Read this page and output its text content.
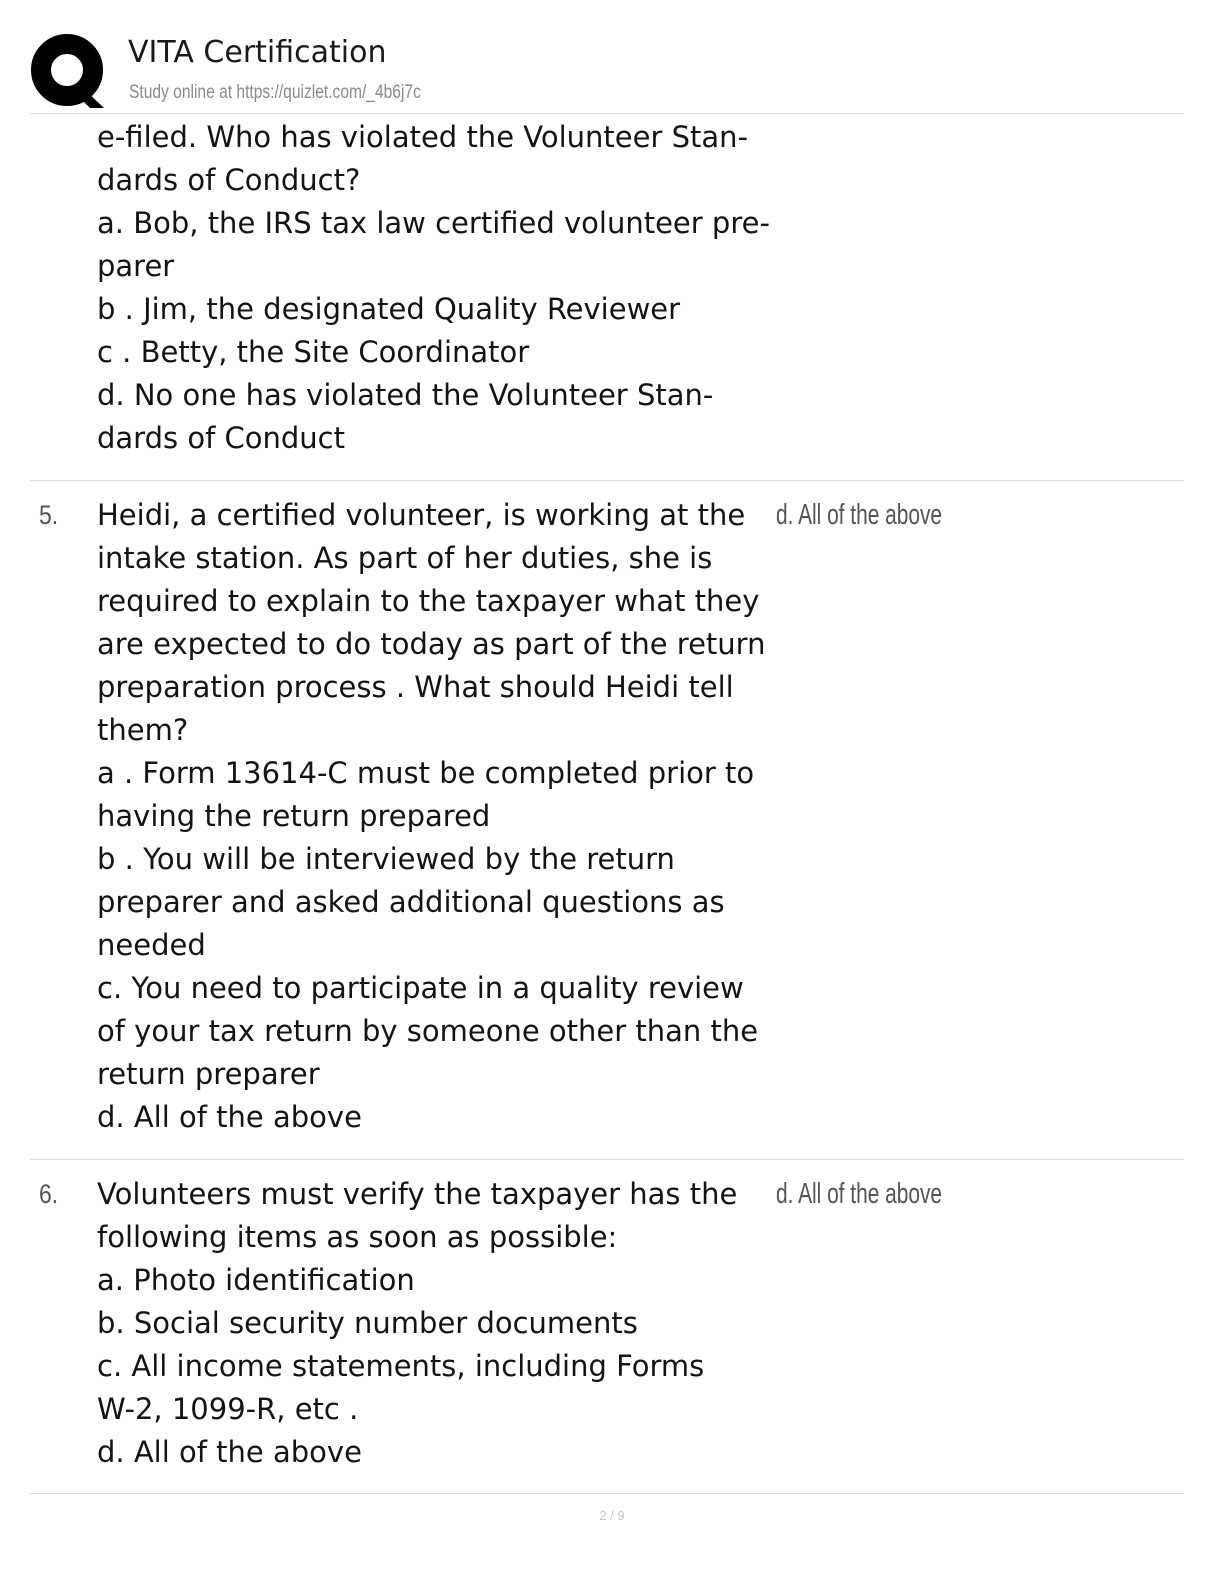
VITA Certification
Study online at https://quizlet.com/_4b6j7c
e-filed. Who has violated the Volunteer Stan-
dards of Conduct?
a. Bob, the IRS tax law certified volunteer pre-
parer
b . Jim, the designated Quality Reviewer
c . Betty, the Site Coordinator
d. No one has violated the Volunteer Stan-
dards of Conduct
5. Heidi, a certified volunteer, is working at the
intake station. As part of her duties, she is
required to explain to the taxpayer what they
are expected to do today as part of the return
preparation process . What should Heidi tell
them?
a . Form 13614-C must be completed prior to
having the return prepared
b . You will be interviewed by the return
preparer and asked additional questions as
needed
c. You need to participate in a quality review
of your tax return by someone other than the
return preparer
d. All of the above
d. All of the above
6. Volunteers must verify the taxpayer has the
following items as soon as possible:
a. Photo identification
b. Social security number documents
c. All income statements, including Forms
W-2, 1099-R, etc .
d. All of the above
d. All of the above
2 / 9
